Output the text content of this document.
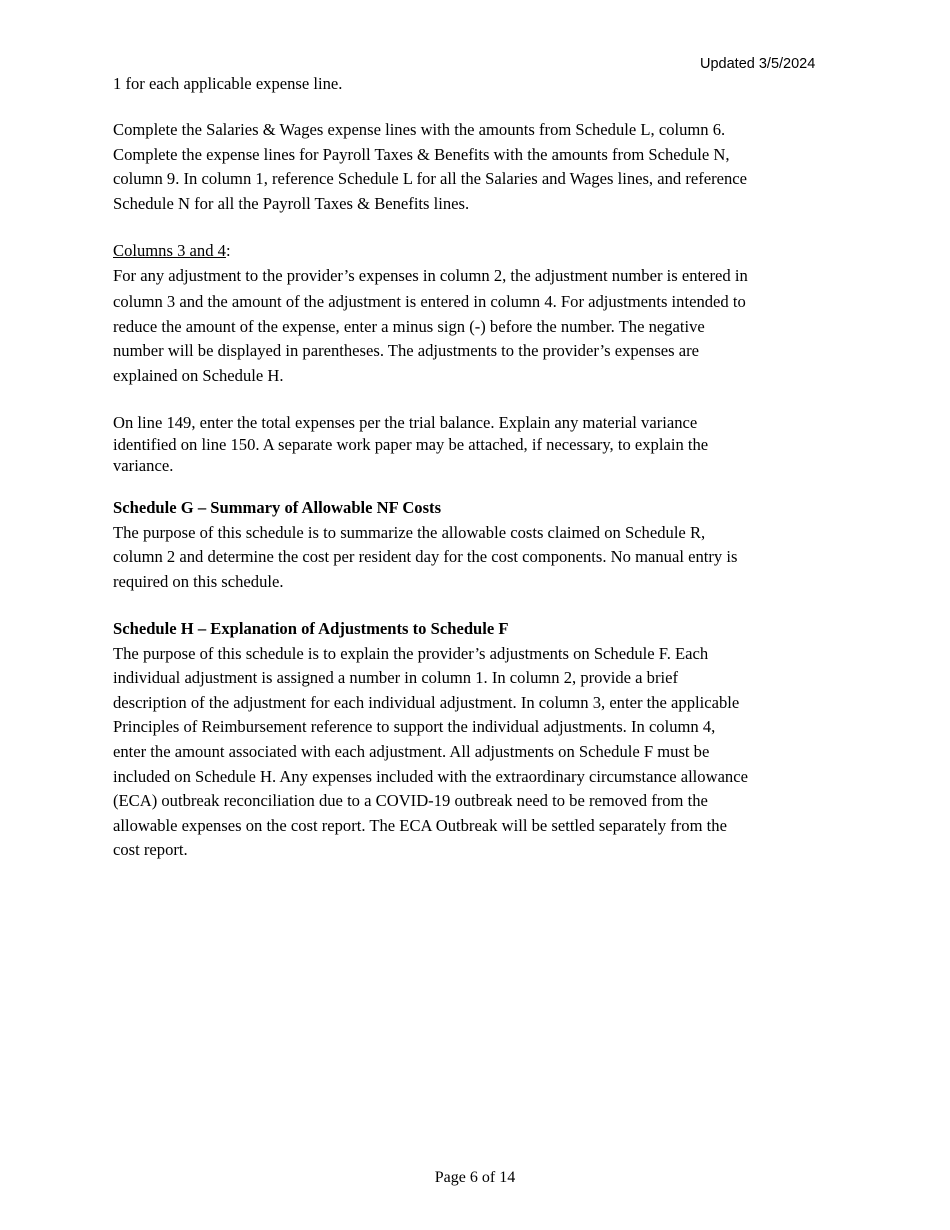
Updated 3/5/2024
1 for each applicable expense line.
Complete the Salaries & Wages expense lines with the amounts from Schedule L, column 6.
Complete the expense lines for Payroll Taxes & Benefits with the amounts from Schedule N,
column 9. In column 1, reference Schedule L for all the Salaries and Wages lines, and reference
Schedule N for all the Payroll Taxes & Benefits lines.
Columns 3 and 4:
For any adjustment to the provider’s expenses in column 2, the adjustment number is entered in
column 3 and the amount of the adjustment is entered in column 4. For adjustments intended to
reduce the amount of the expense, enter a minus sign (-) before the number. The negative
number will be displayed in parentheses. The adjustments to the provider’s expenses are
explained on Schedule H.
On line 149, enter the total expenses per the trial balance. Explain any material variance
identified on line 150. A separate work paper may be attached, if necessary, to explain the
variance.
Schedule G – Summary of Allowable NF Costs
The purpose of this schedule is to summarize the allowable costs claimed on Schedule R,
column 2 and determine the cost per resident day for the cost components. No manual entry is
required on this schedule.
Schedule H – Explanation of Adjustments to Schedule F
The purpose of this schedule is to explain the provider’s adjustments on Schedule F. Each
individual adjustment is assigned a number in column 1. In column 2, provide a brief
description of the adjustment for each individual adjustment. In column 3, enter the applicable
Principles of Reimbursement reference to support the individual adjustments. In column 4,
enter the amount associated with each adjustment. All adjustments on Schedule F must be
included on Schedule H. Any expenses included with the extraordinary circumstance allowance
(ECA) outbreak reconciliation due to a COVID-19 outbreak need to be removed from the
allowable expenses on the cost report. The ECA Outbreak will be settled separately from the
cost report.
Page 6 of 14
